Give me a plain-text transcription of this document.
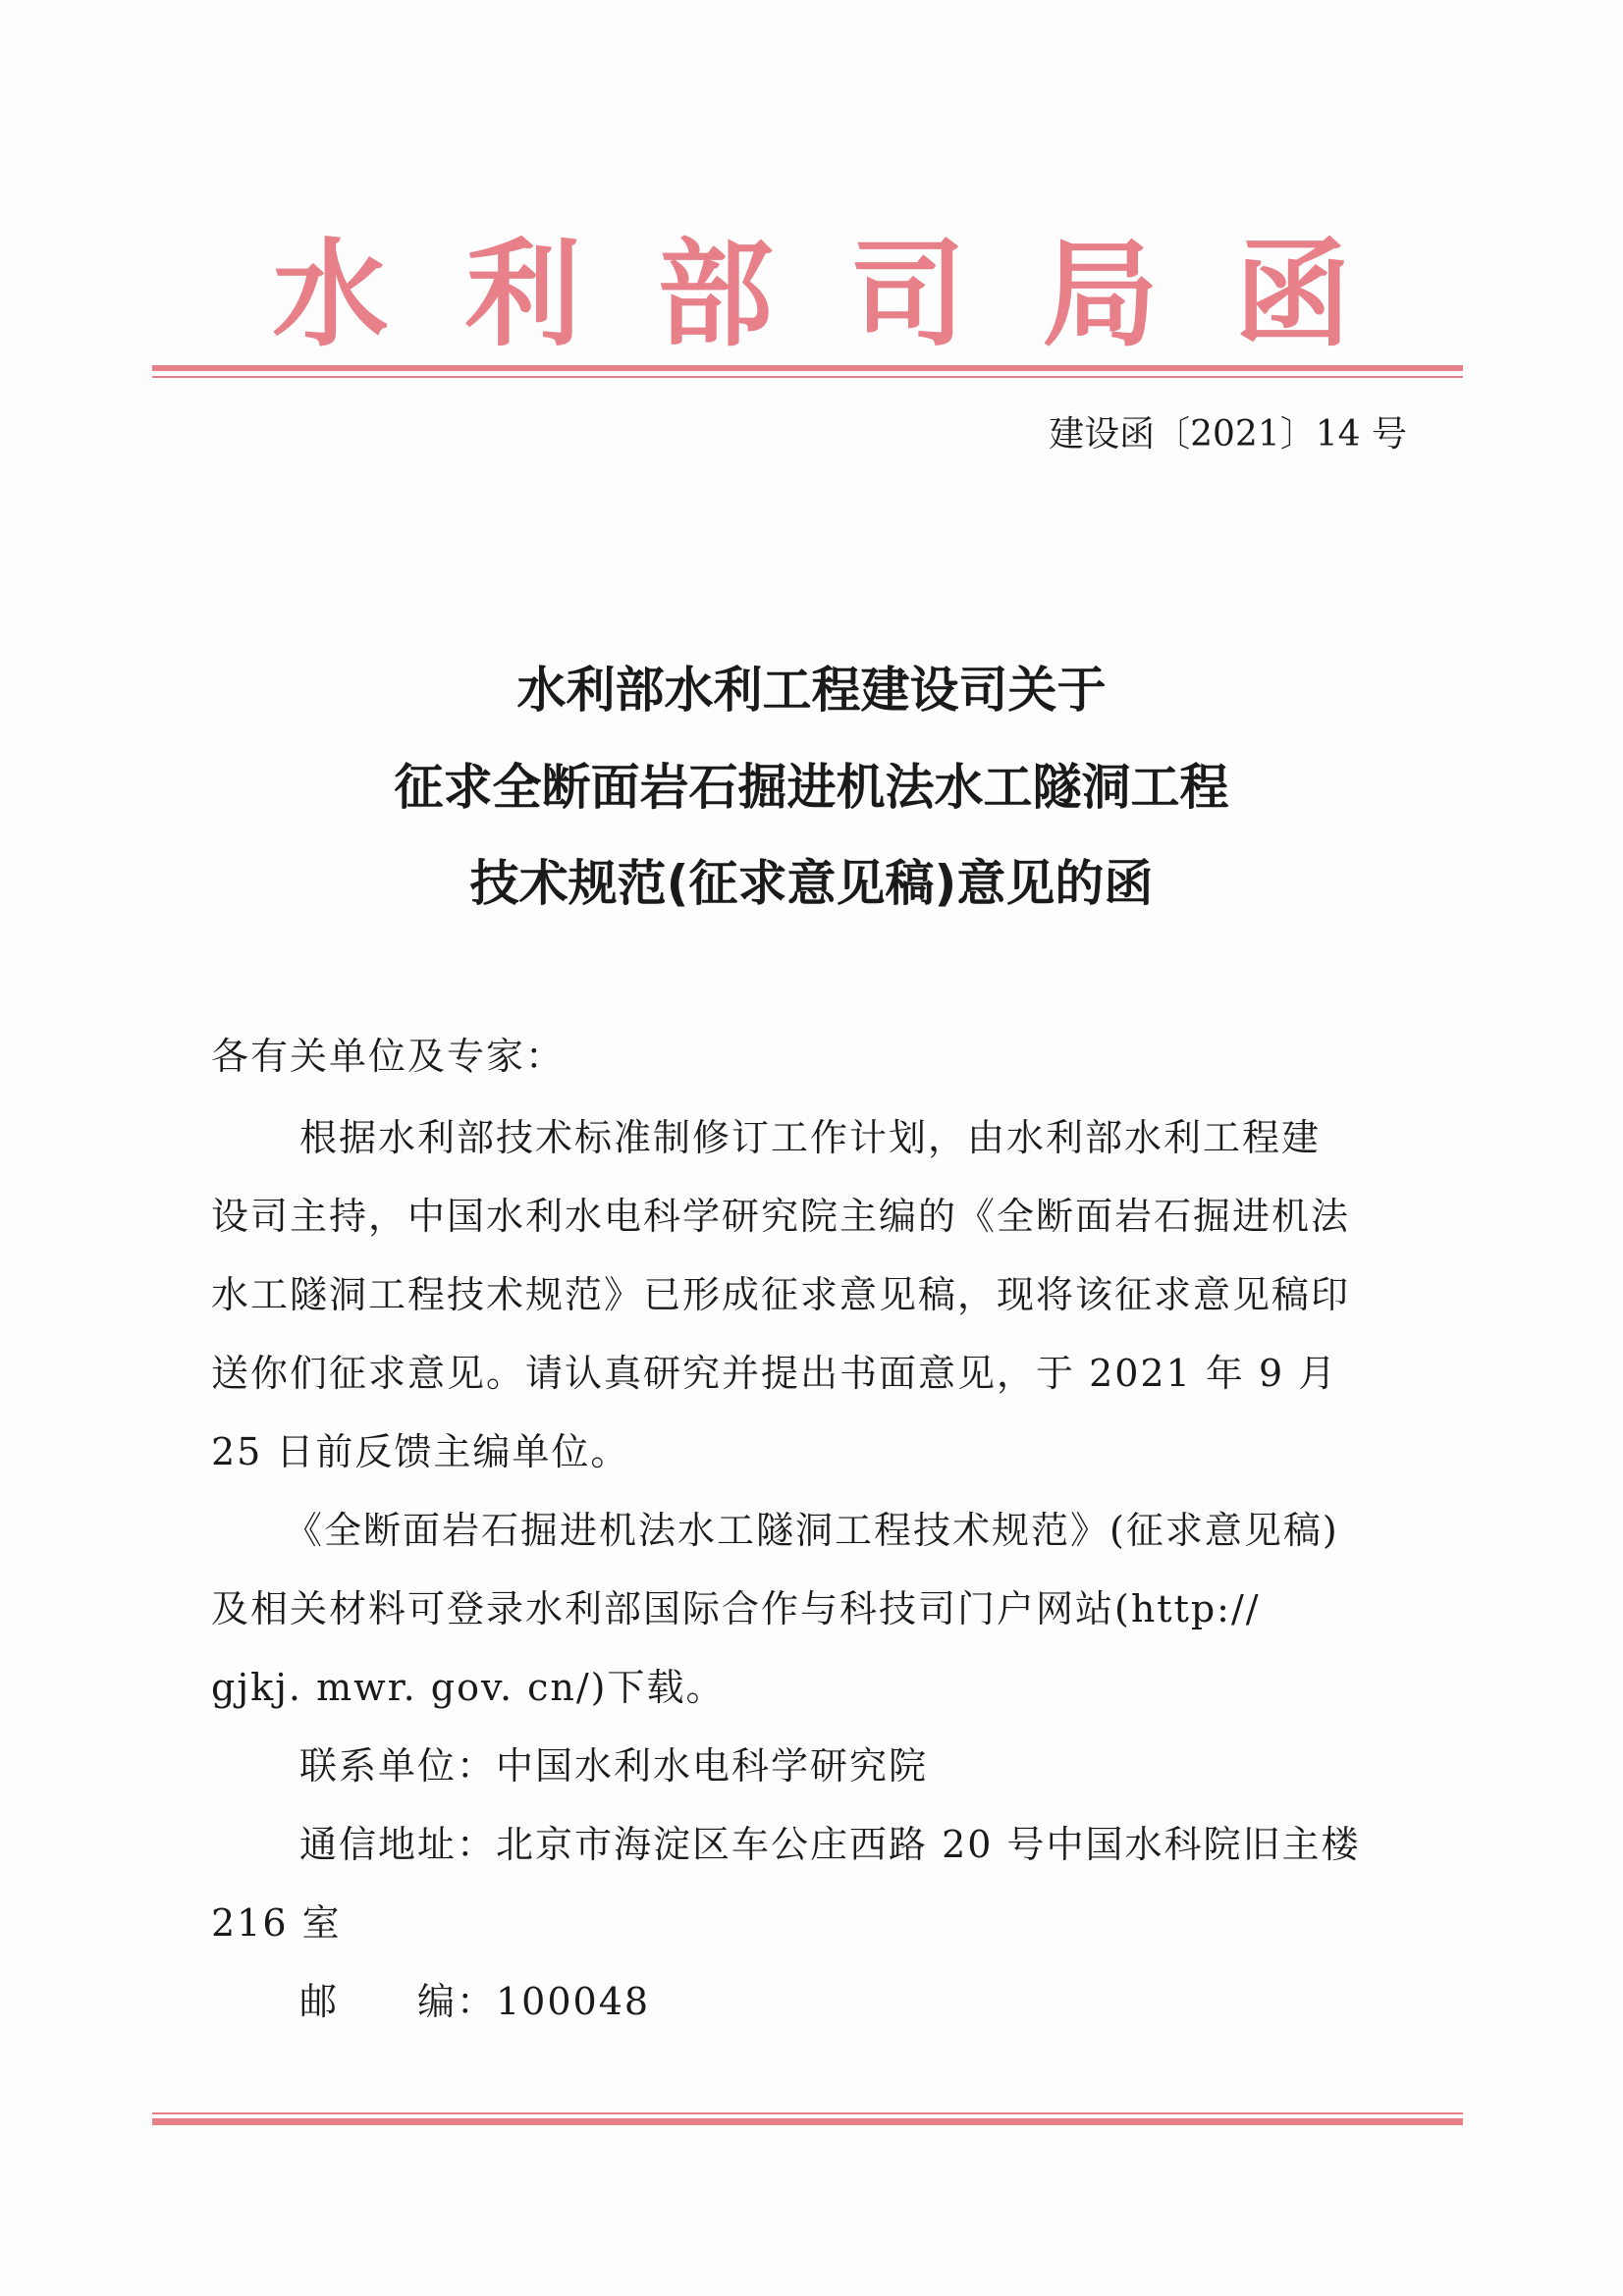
水利部司局函
建设函〔2021〕14 号
水利部水利工程建设司关于
征求全断面岩石掘进机法水工隧洞工程
技术规范(征求意见稿)意见的函
各有关单位及专家：
根据水利部技术标准制修订工作计划，由水利部水利工程建
设司主持，中国水利水电科学研究院主编的《全断面岩石掘进机法
水工隧洞工程技术规范》已形成征求意见稿，现将该征求意见稿印
送你们征求意见。请认真研究并提出书面意见，于 2021 年 9 月
25 日前反馈主编单位。
《全断面岩石掘进机法水工隧洞工程技术规范》(征求意见稿)
及相关材料可登录水利部国际合作与科技司门户网站(http://
gjkj. mwr. gov. cn/)下载。
联系单位：中国水利水电科学研究院
通信地址：北京市海淀区车公庄西路 20 号中国水科院旧主楼
216 室
邮　　编：100048
